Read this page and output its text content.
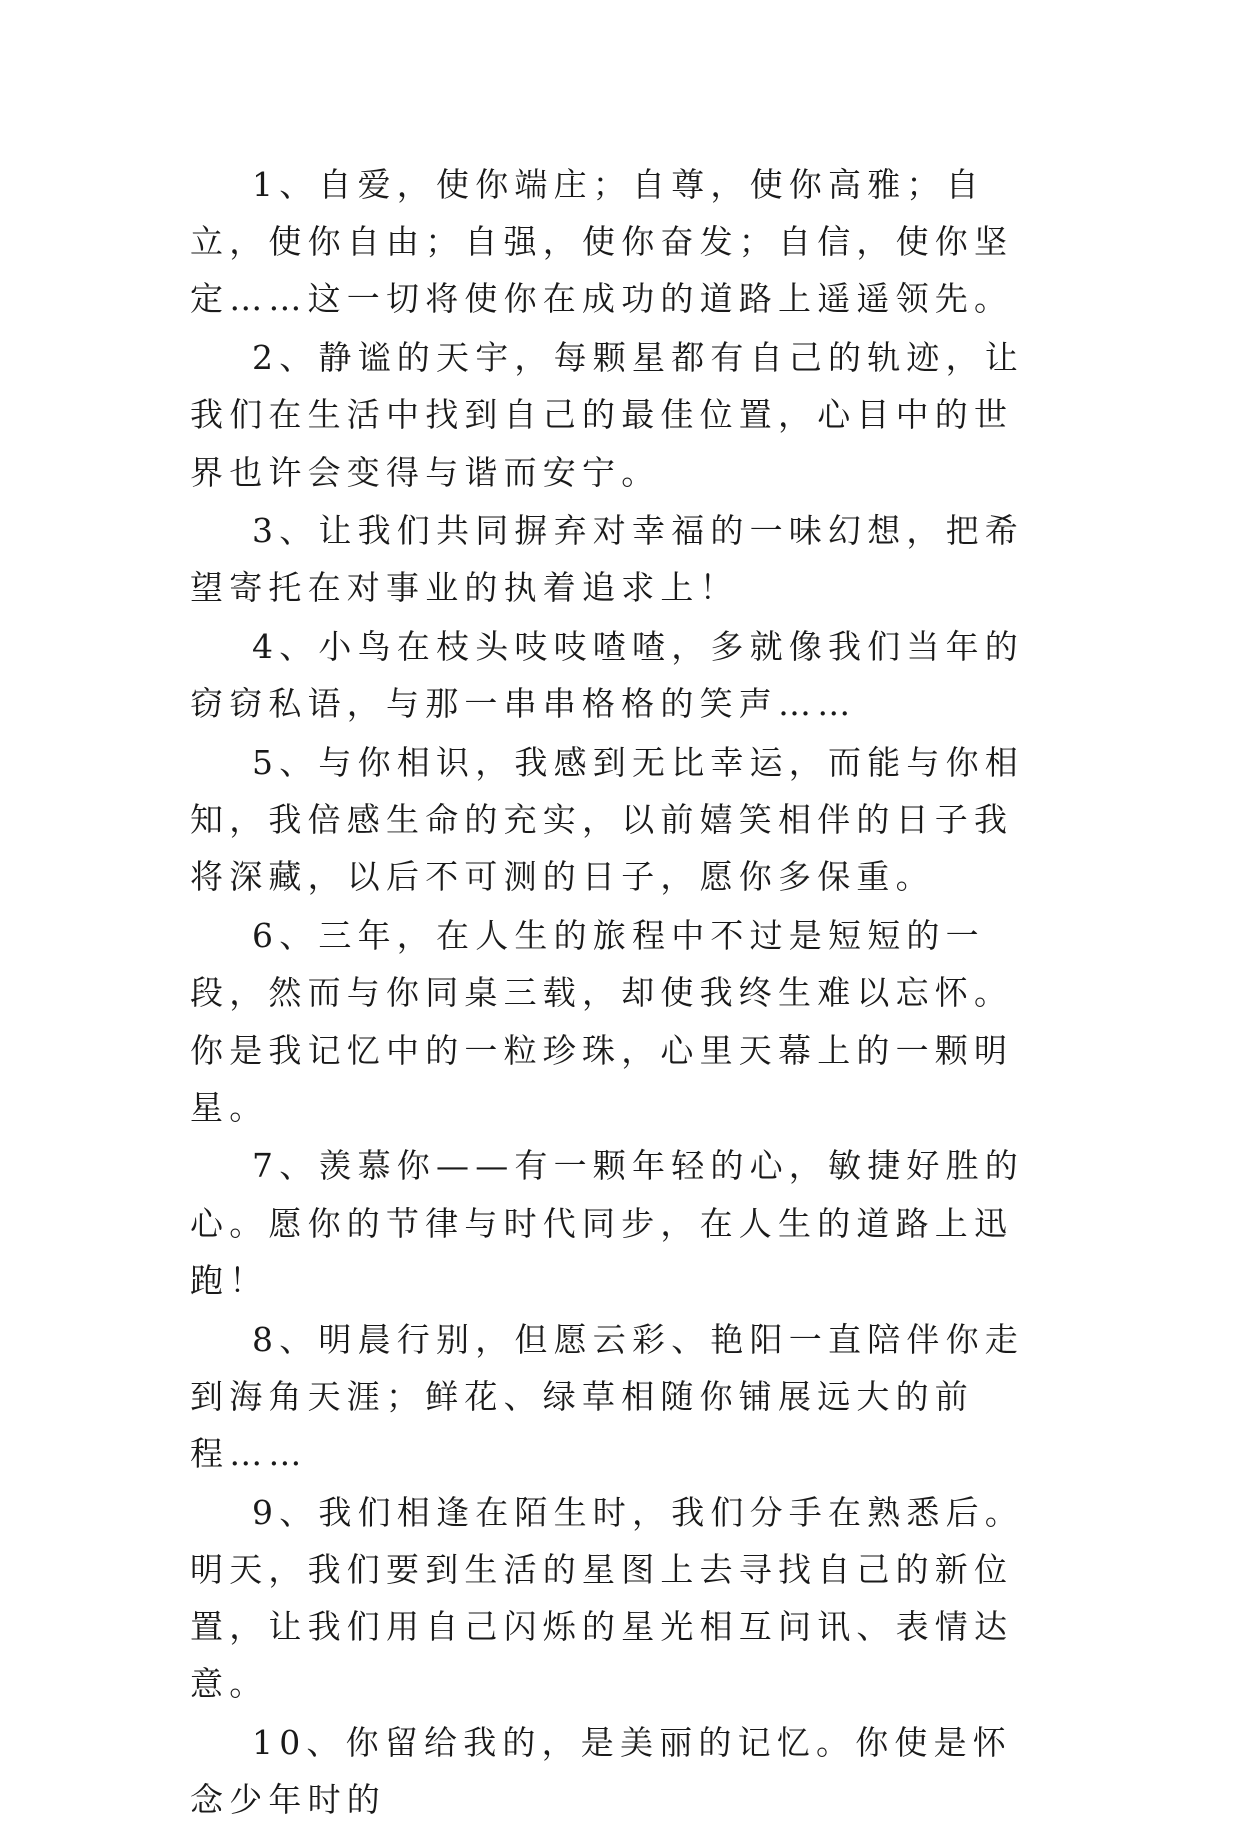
1、自爱，使你端庄；自尊，使你高雅；自立，使你自由；自强，使你奋发；自信，使你坚定……这一切将使你在成功的道路上遥遥领先。

2、静谧的天宇，每颗星都有自己的轨迹，让我们在生活中找到自己的最佳位置，心目中的世界也许会变得与谐而安宁。

3、让我们共同摒弃对幸福的一味幻想，把希望寄托在对事业的执着追求上！

4、小鸟在枝头吱吱喳喳，多就像我们当年的窃窃私语，与那一串串格格的笑声……

5、与你相识，我感到无比幸运，而能与你相知，我倍感生命的充实，以前嬉笑相伴的日子我将深藏，以后不可测的日子，愿你多保重。

6、三年，在人生的旅程中不过是短短的一段，然而与你同桌三载，却使我终生难以忘怀。你是我记忆中的一粒珍珠，心里天幕上的一颗明星。

7、羡慕你——有一颗年轻的心，敏捷好胜的心。愿你的节律与时代同步，在人生的道路上迅跑！

8、明晨行别，但愿云彩、艳阳一直陪伴你走到海角天涯；鲜花、绿草相随你铺展远大的前程……

9、我们相逢在陌生时，我们分手在熟悉后。明天，我们要到生活的星图上去寻找自己的新位置，让我们用自己闪烁的星光相互问讯、表情达意。

10、你留给我的，是美丽的记忆。你使是怀念少年时的
